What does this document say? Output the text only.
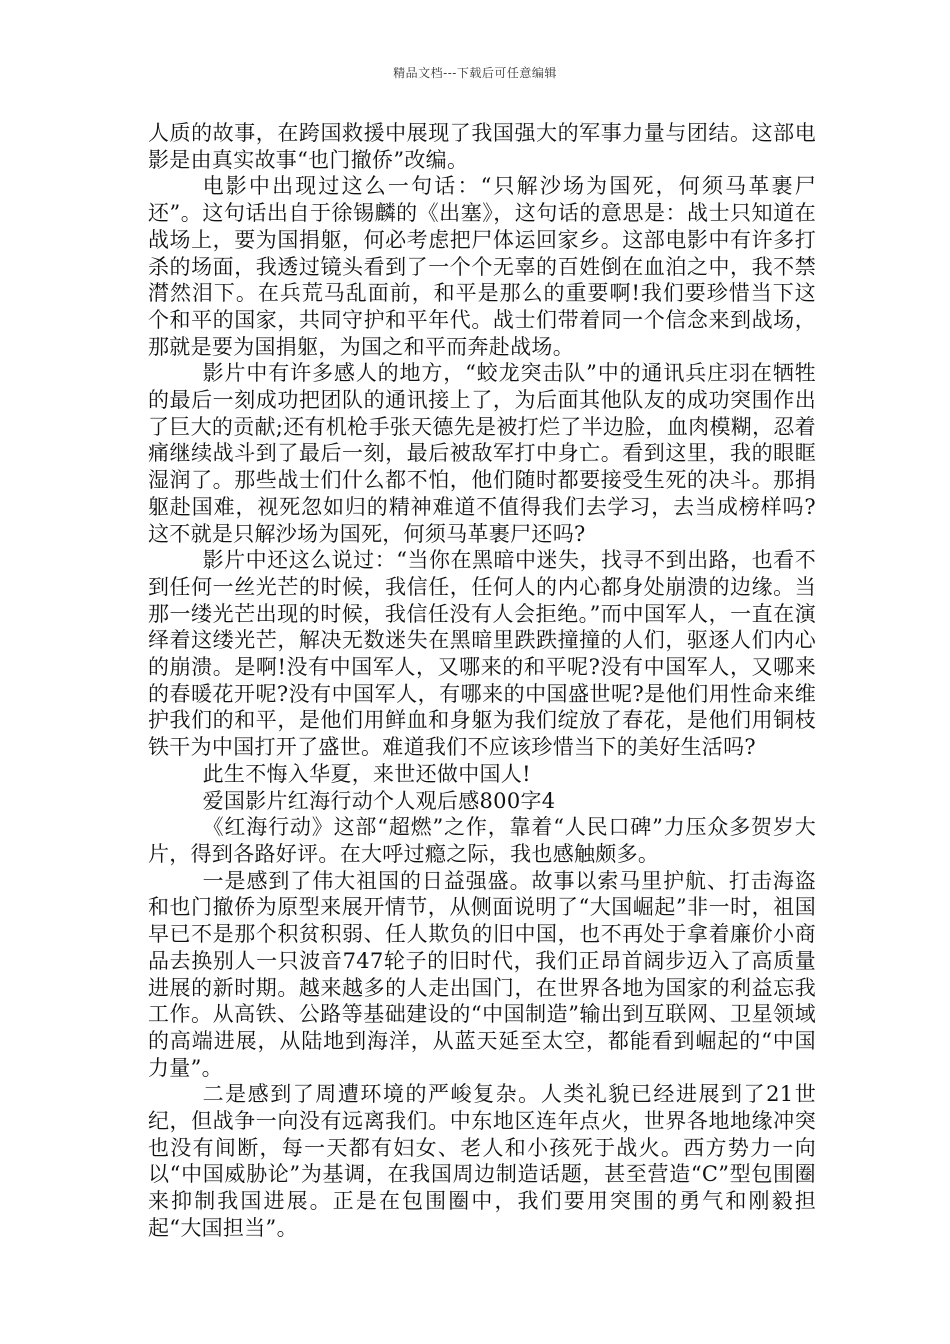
精品文档---下载后可任意编辑

人质的故事，在跨国救援中展现了我国强大的军事力量与团结。这部电影是由真实故事“也门撤侨”改编。

电影中出现过这么一句话：“只解沙场为国死，何须马革裹尸还”。这句话出自于徐锡麟的《出塞》，这句话的意思是：战士只知道在战场上，要为国捐躯，何必考虑把尸体运回家乡。这部电影中有许多打杀的场面，我透过镜头看到了一个个无辜的百姓倒在血泊之中，我不禁潸然泪下。在兵荒马乱面前，和平是那么的重要啊!我们要珍惜当下这个和平的国家，共同守护和平年代。战士们带着同一个信念来到战场，那就是要为国捐躯，为国之和平而奔赴战场。

影片中有许多感人的地方，“蛟龙突击队”中的通讯兵庄羽在牺牲的最后一刻成功把团队的通讯接上了，为后面其他队友的成功突围作出了巨大的贡献;还有机枪手张天德先是被打烂了半边脸，血肉模糊，忍着痛继续战斗到了最后一刻，最后被敌军打中身亡。看到这里，我的眼眶湿润了。那些战士们什么都不怕，他们随时都要接受生死的决斗。那捐躯赴国难，视死忽如归的精神难道不值得我们去学习，去当成榜样吗?这不就是只解沙场为国死，何须马革裹尸还吗?

影片中还这么说过：“当你在黑暗中迷失，找寻不到出路，也看不到任何一丝光芒的时候，我信任，任何人的内心都身处崩溃的边缘。当那一缕光芒出现的时候，我信任没有人会拒绝。”而中国军人，一直在演绎着这缕光芒，解决无数迷失在黑暗里跌跌撞撞的人们，驱逐人们内心的崩溃。是啊!没有中国军人，又哪来的和平呢?没有中国军人，又哪来的春暖花开呢?没有中国军人，有哪来的中国盛世呢?是他们用性命来维护我们的和平，是他们用鲜血和身躯为我们绽放了春花，是他们用铜枝铁干为中国打开了盛世。难道我们不应该珍惜当下的美好生活吗?

此生不悔入华夏，来世还做中国人!

爱国影片红海行动个人观后感800字4

《红海行动》这部“超燃”之作，靠着“人民口碑”力压众多贺岁大片，得到各路好评。在大呼过瘾之际，我也感触颇多。

一是感到了伟大祖国的日益强盛。故事以索马里护航、打击海盗和也门撤侨为原型来展开情节，从侧面说明了“大国崛起”非一时，祖国早已不是那个积贫积弱、任人欺负的旧中国，也不再处于拿着廉价小商品去换别人一只波音747轮子的旧时代，我们正昂首阔步迈入了高质量进展的新时期。越来越多的人走出国门，在世界各地为国家的利益忘我工作。从高铁、公路等基础建设的“中国制造”输出到互联网、卫星领域的高端进展，从陆地到海洋，从蓝天延至太空，都能看到崛起的“中国力量”。

二是感到了周遭环境的严峻复杂。人类礼貌已经进展到了21世纪，但战争一向没有远离我们。中东地区连年点火，世界各地地缘冲突也没有间断，每一天都有妇女、老人和小孩死于战火。西方势力一向以“中国威胁论”为基调，在我国周边制造话题，甚至营造“C”型包围圈来抑制我国进展。正是在包围圈中，我们要用突围的勇气和刚毅担起“大国担当”。
